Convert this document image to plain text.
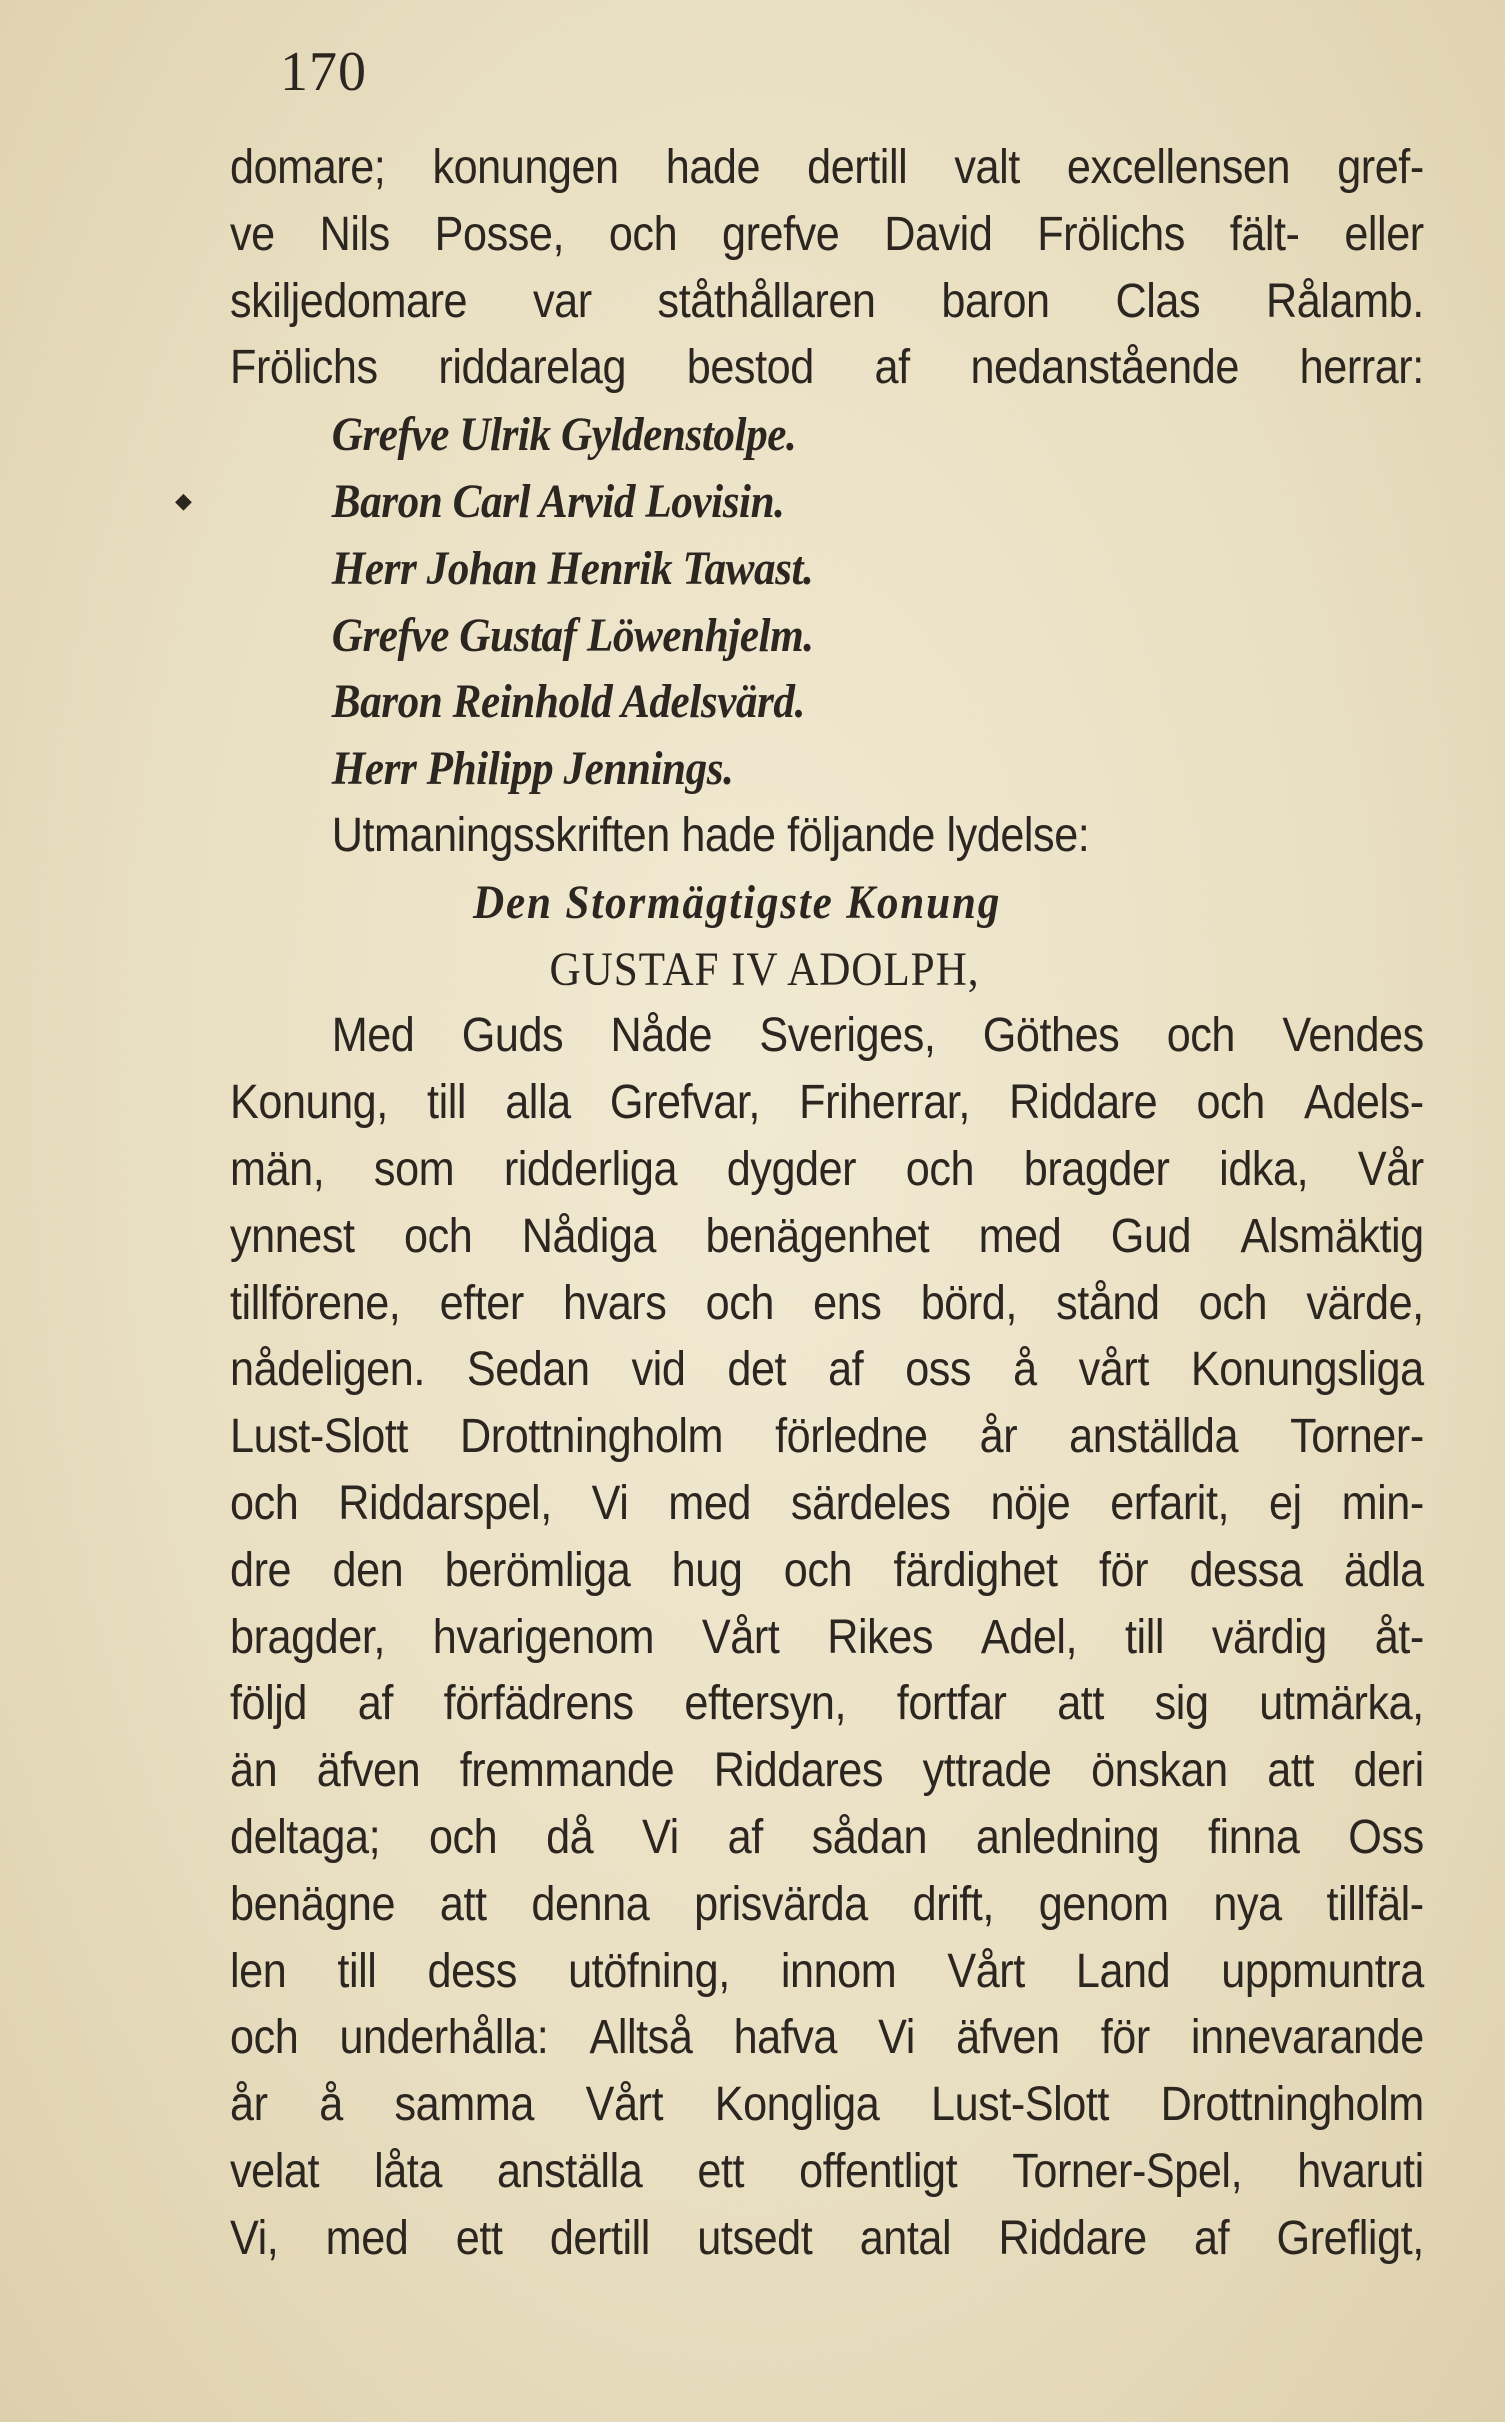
170
◆
domare; konungen hade dertill valt excellensen gref-
ve Nils Posse, och grefve David Frölichs fält- eller
skiljedomare var ståthållaren baron Clas Rålamb.
Frölichs riddarelag bestod af nedanstående herrar:
Grefve Ulrik Gyldenstolpe.
Baron Carl Arvid Lovisin.
Herr Johan Henrik Tawast.
Grefve Gustaf Löwenhjelm.
Baron Reinhold Adelsvärd.
Herr Philipp Jennings.
Utmaningsskriften hade följande lydelse:
Den Stormägtigste Konung
GUSTAF IV ADOLPH,
Med Guds Nåde Sveriges, Göthes och Vendes
Konung, till alla Grefvar, Friherrar, Riddare och Adels-
män, som ridderliga dygder och bragder idka, Vår
ynnest och Nådiga benägenhet med Gud Alsmäktig
tillförene, efter hvars och ens börd, stånd och värde,
nådeligen. Sedan vid det af oss å vårt Konungsliga
Lust-Slott Drottningholm förledne år anställda Torner-
och Riddarspel, Vi med särdeles nöje erfarit, ej min-
dre den berömliga hug och färdighet för dessa ädla
bragder, hvarigenom Vårt Rikes Adel, till värdig åt-
följd af förfädrens eftersyn, fortfar att sig utmärka,
än äfven fremmande Riddares yttrade önskan att deri
deltaga; och då Vi af sådan anledning finna Oss
benägne att denna prisvärda drift, genom nya tillfäl-
len till dess utöfning, innom Vårt Land uppmuntra
och underhålla: Alltså hafva Vi äfven för innevarande
år å samma Vårt Kongliga Lust-Slott Drottningholm
velat låta anställa ett offentligt Torner-Spel, hvaruti
Vi, med ett dertill utsedt antal Riddare af Grefligt,
